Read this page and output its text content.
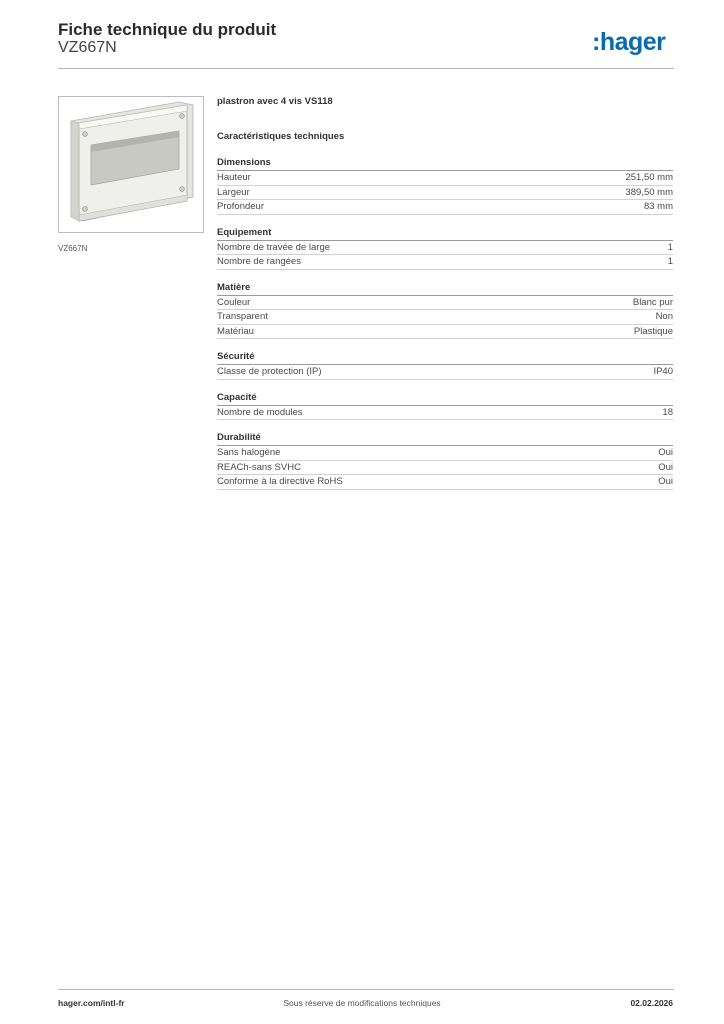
Fiche technique du produit
VZ667N	:hager
VZ667N
plastron avec 4 vis VS118
Caractéristiques techniques
Dimensions
Hauteur	251,50 mm
Largeur	389,50 mm
Profondeur	83 mm
Equipement
Nombre de travée de large	1
Nombre de rangées	1
Matière
Couleur	Blanc pur
Transparent	Non
Matériau	Plastique
Sécurité
Classe de protection (IP)	IP40
Capacité
Nombre de modules	18
Durabilité
Sans halogène	Oui
REACh-sans SVHC	Oui
Conforme à la directive RoHS	Oui
hager.com/intl-fr	Sous réserve de modifications techniques	02.02.2026
